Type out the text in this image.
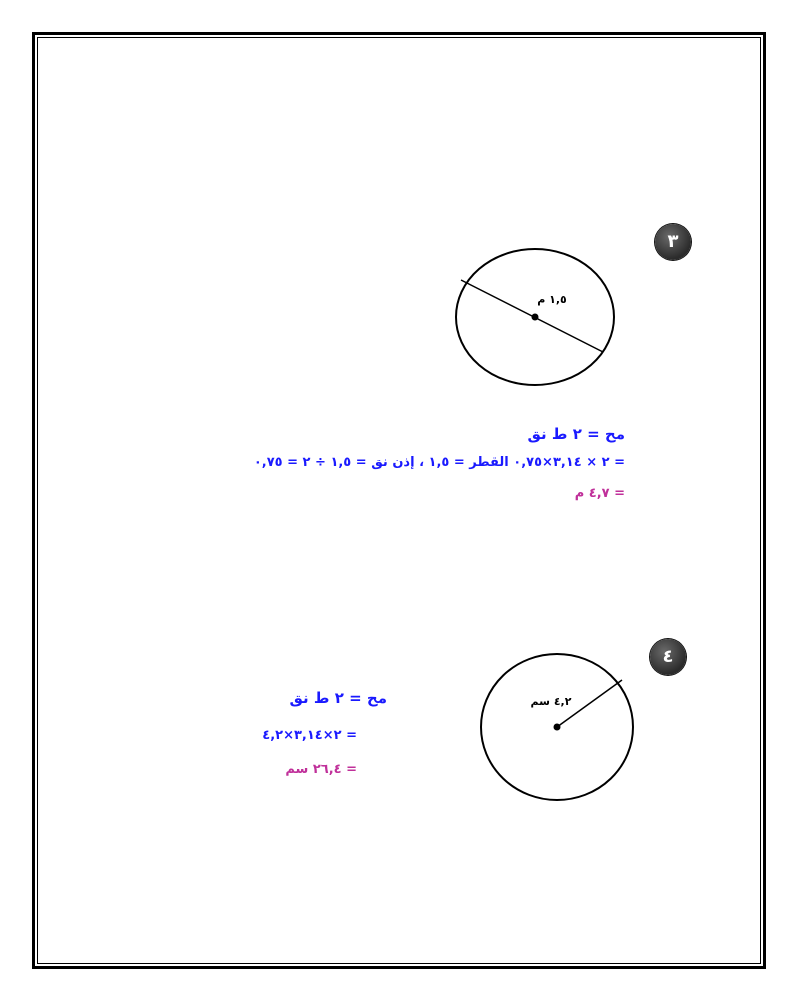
٣
١,٥ م
٤,٢ سم
مح = ٢ ط نق
= ٢ × ٣,١٤×٠,٧٥ القطر = ١,٥ ، إذن نق = ١,٥ ÷ ٢ = ٠,٧٥
= ٤,٧ م
٤
مح = ٢ ط نق
= ٢×٣,١٤×٤,٢
= ٢٦,٤ سم
